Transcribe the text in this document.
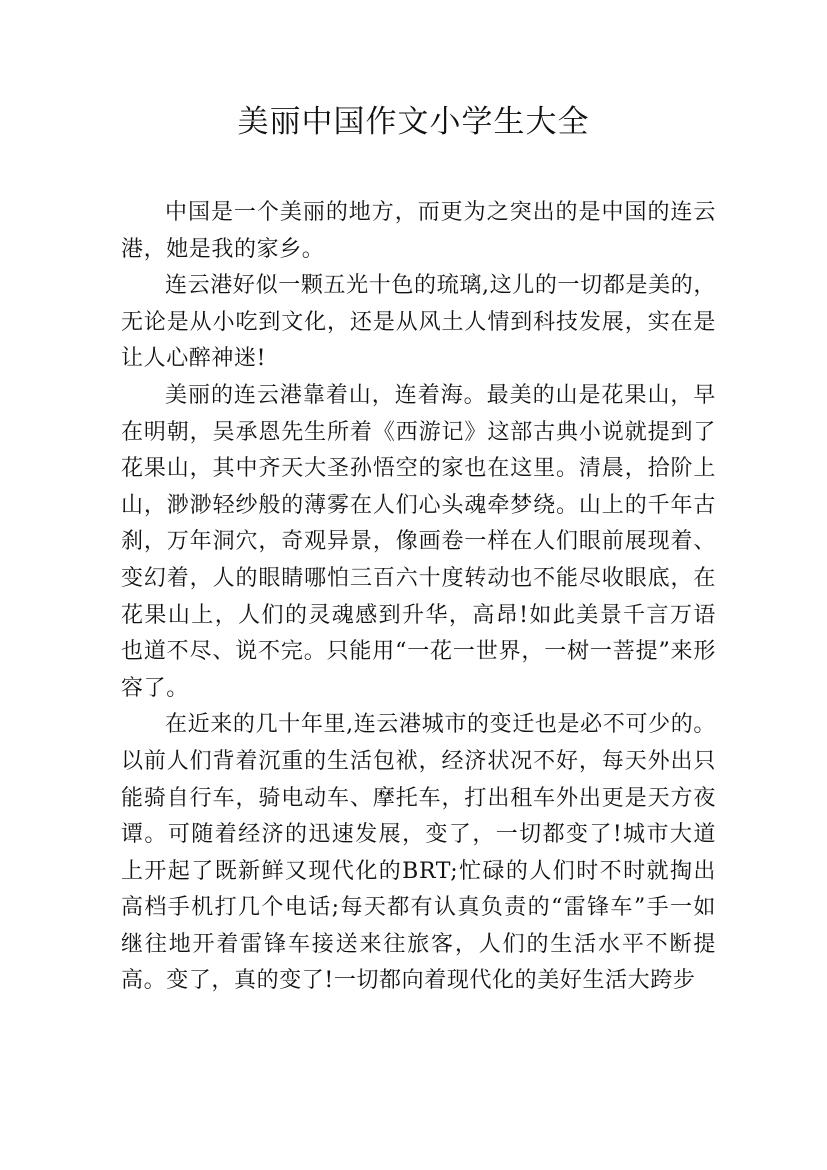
美丽中国作文小学生大全

中国是一个美丽的地方，而更为之突出的是中国的连云港，她是我的家乡。

连云港好似一颗五光十色的琉璃,这儿的一切都是美的，无论是从小吃到文化，还是从风土人情到科技发展，实在是让人心醉神迷!

美丽的连云港靠着山，连着海。最美的山是花果山，早在明朝，吴承恩先生所着《西游记》这部古典小说就提到了花果山，其中齐天大圣孙悟空的家也在这里。清晨，拾阶上山，渺渺轻纱般的薄雾在人们心头魂牵梦绕。山上的千年古刹，万年洞穴，奇观异景，像画卷一样在人们眼前展现着、变幻着，人的眼睛哪怕三百六十度转动也不能尽收眼底，在花果山上，人们的灵魂感到升华，高昂!如此美景千言万语也道不尽、说不完。只能用“一花一世界，一树一菩提”来形容了。

在近来的几十年里,连云港城市的变迁也是必不可少的。以前人们背着沉重的生活包袱，经济状况不好，每天外出只能骑自行车，骑电动车、摩托车，打出租车外出更是天方夜谭。可随着经济的迅速发展，变了，一切都变了!城市大道上开起了既新鲜又现代化的BRT;忙碌的人们时不时就掏出高档手机打几个电话;每天都有认真负责的“雷锋车”手一如继往地开着雷锋车接送来往旅客，人们的生活水平不断提高。变了，真的变了!一切都向着现代化的美好生活大跨步
